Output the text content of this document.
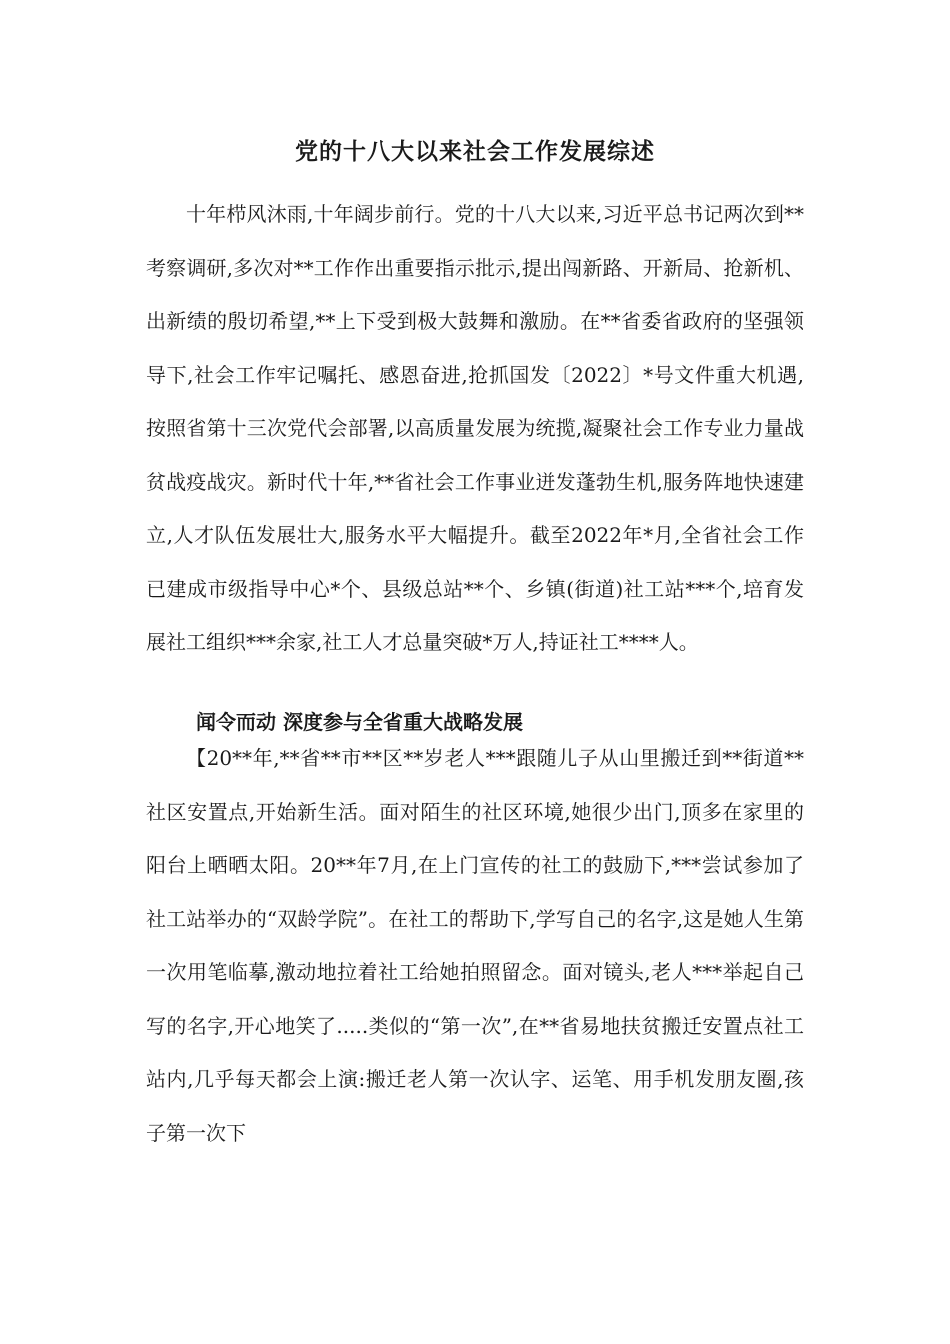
党的十八大以来社会工作发展综述

十年栉风沐雨,十年阔步前行。党的十八大以来,习近平总书记两次到**考察调研,多次对**工作作出重要指示批示,提出闯新路、开新局、抢新机、出新绩的殷切希望,**上下受到极大鼓舞和激励。在**省委省政府的坚强领导下,社会工作牢记嘱托、感恩奋进,抢抓国发〔2022〕*号文件重大机遇,按照省第十三次党代会部署,以高质量发展为统揽,凝聚社会工作专业力量战贫战疫战灾。新时代十年,**省社会工作事业迸发蓬勃生机,服务阵地快速建立,人才队伍发展壮大,服务水平大幅提升。截至2022年*月,全省社会工作已建成市级指导中心*个、县级总站**个、乡镇(街道)社工站***个,培育发展社工组织***余家,社工人才总量突破*万人,持证社工****人。

闻令而动 深度参与全省重大战略发展

【20**年,**省**市**区**岁老人***跟随儿子从山里搬迁到**街道**社区安置点,开始新生活。面对陌生的社区环境,她很少出门,顶多在家里的阳台上晒晒太阳。20**年7月,在上门宣传的社工的鼓励下,***尝试参加了社工站举办的“双龄学院”。在社工的帮助下,学写自己的名字,这是她人生第一次用笔临摹,激动地拉着社工给她拍照留念。面对镜头,老人***举起自己写的名字,开心地笑了.....类似的“第一次”,在**省易地扶贫搬迁安置点社工站内,几乎每天都会上演:搬迁老人第一次认字、运笔、用手机发朋友圈,孩子第一次下
